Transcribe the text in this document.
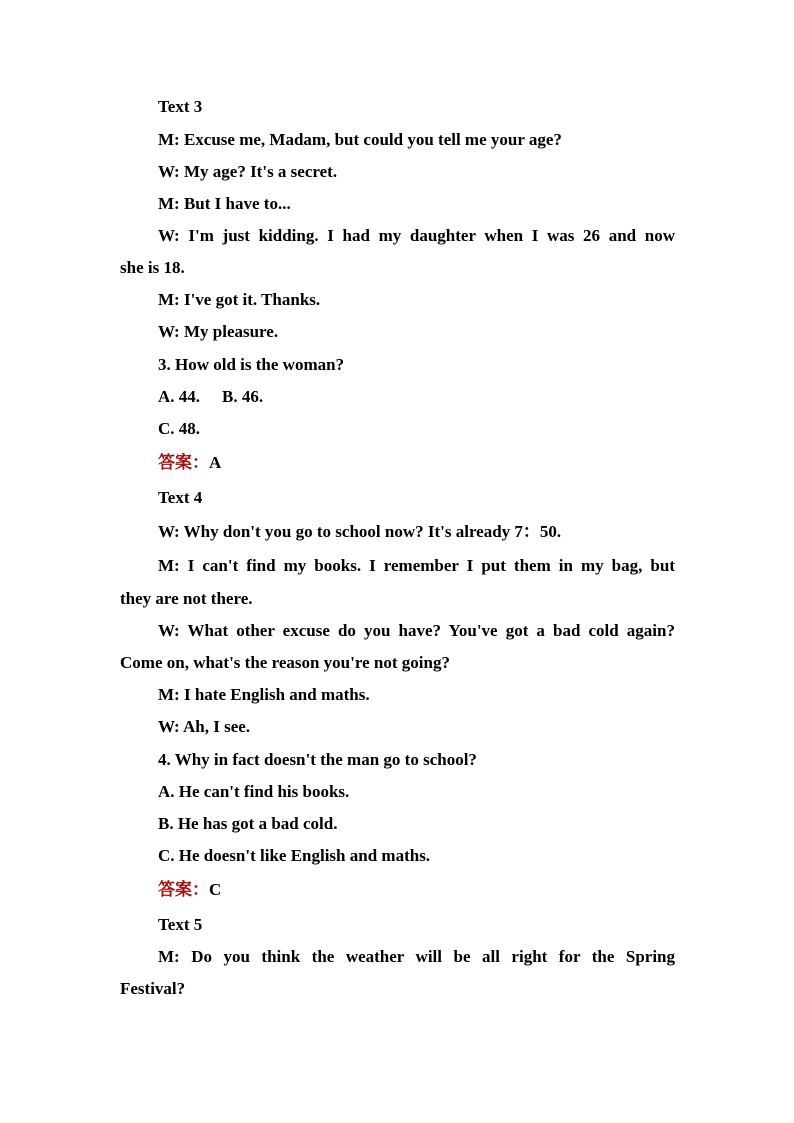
Text 3
M: Excuse me, Madam, but could you tell me your age?
W: My age? It's a secret.
M: But I have to...
W: I'm just kidding. I had my daughter when I was 26 and now
she is 18.
M: I've got it. Thanks.
W: My pleasure.
3. How old is the woman?
A. 44. B. 46.
C. 48.
答案：A
Text 4
W: Why don't you go to school now? It's already 7：50.
M: I can't find my books. I remember I put them in my bag, but
they are not there.
W: What other excuse do you have? You've got a bad cold again?
Come on, what's the reason you're not going?
M: I hate English and maths.
W: Ah, I see.
4. Why in fact doesn't the man go to school?
A. He can't find his books.
B. He has got a bad cold.
C. He doesn't like English and maths.
答案：C
Text 5
M: Do you think the weather will be all right for the Spring
Festival?
